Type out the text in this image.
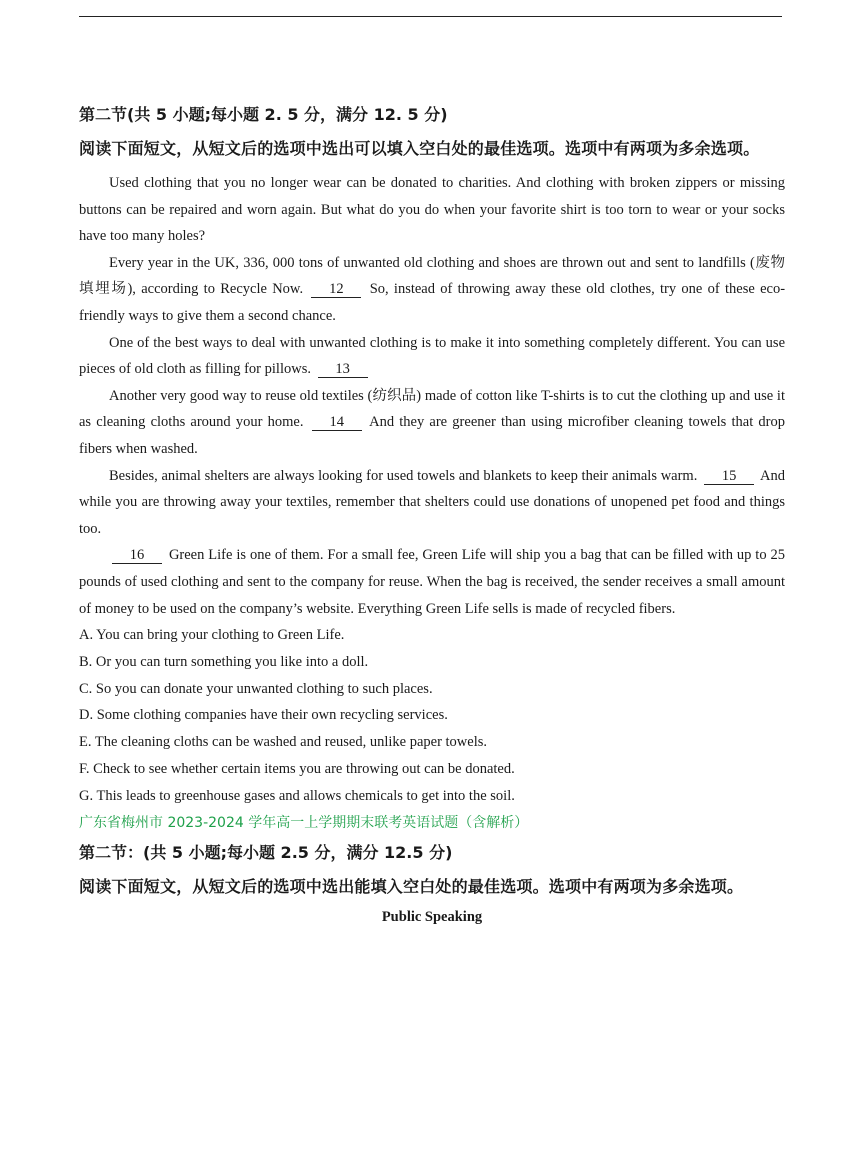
第二节(共 5 小题;每小题 2. 5 分，满分 12. 5 分)

阅读下面短文，从短文后的选项中选出可以填入空白处的最佳选项。选项中有两项为多余选项。

Used clothing that you no longer wear can be donated to charities. And clothing with broken zippers or missing buttons can be repaired and worn again. But what do you do when your favorite shirt is too torn to wear or your socks have too many holes?

Every year in the UK, 336, 000 tons of unwanted old clothing and shoes are thrown out and sent to landfills (废物填埋场), according to Recycle Now. 12 So, instead of throwing away these old clothes, try one of these eco-friendly ways to give them a second chance.

One of the best ways to deal with unwanted clothing is to make it into something completely different. You can use pieces of old cloth as filling for pillows. 13

Another very good way to reuse old textiles (纺织品) made of cotton like T-shirts is to cut the clothing up and use it as cleaning cloths around your home. 14 And they are greener than using microfiber cleaning towels that drop fibers when washed.

Besides, animal shelters are always looking for used towels and blankets to keep their animals warm. 15 And while you are throwing away your textiles, remember that shelters could use donations of unopened pet food and things too.

16 Green Life is one of them. For a small fee, Green Life will ship you a bag that can be filled with up to 25 pounds of used clothing and sent to the company for reuse. When the bag is received, the sender receives a small amount of money to be used on the company’s website. Everything Green Life sells is made of recycled fibers.

A. You can bring your clothing to Green Life.
B. Or you can turn something you like into a doll.
C. So you can donate your unwanted clothing to such places.
D. Some clothing companies have their own recycling services.
E. The cleaning cloths can be washed and reused, unlike paper towels.
F. Check to see whether certain items you are throwing out can be donated.
G. This leads to greenhouse gases and allows chemicals to get into the soil.

广东省梅州市 2023-2024 学年高一上学期期末联考英语试题（含解析）

第二节：(共 5 小题;每小题 2.5 分，满分 12.5 分)

阅读下面短文，从短文后的选项中选出能填入空白处的最佳选项。选项中有两项为多余选项。

Public Speaking
